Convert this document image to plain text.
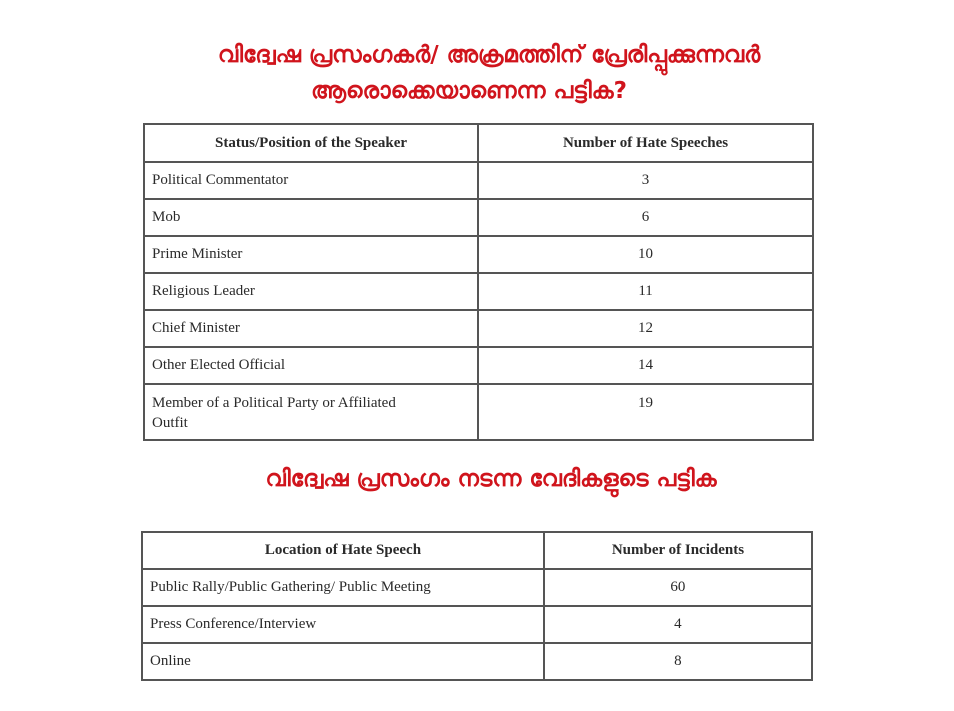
വിദ്വേഷ പ്രസംഗകർ/ അക്രമത്തിന് പ്രേരിപ്പുക്കുന്നവർ
ആരൊക്കെയാണെന്ന പട്ടിക?
Status/Position of the Speaker	Number of Hate Speeches
Political Commentator	3
Mob	6
Prime Minister	10
Religious Leader	11
Chief Minister	12
Other Elected Official	14

Member of a Political Party or Affiliated
Outfit	19
വിദ്വേഷ പ്രസംഗം നടന്ന വേദികളുടെ പട്ടിക
Location of Hate Speech	Number of Incidents
Public Rally/Public Gathering/ Public Meeting	60
Press Conference/Interview	4
Online	8
